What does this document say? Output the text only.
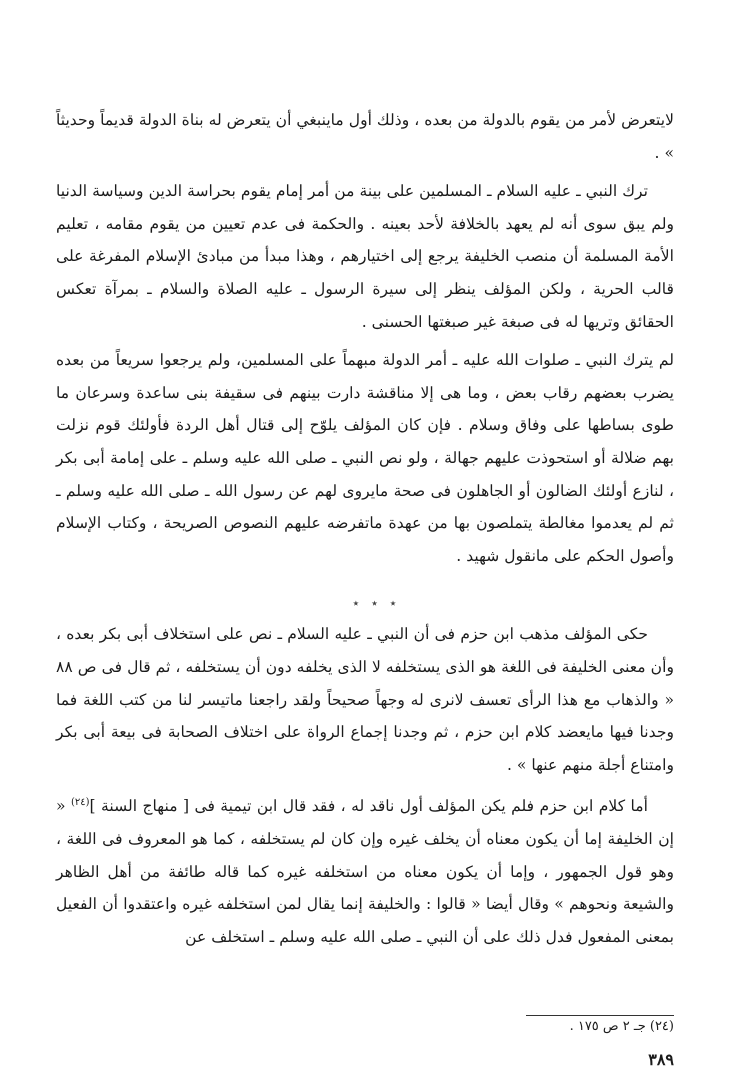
لايتعرض لأمر من يقوم بالدولة من بعده ، وذلك أول ماينبغي أن يتعرض له بناة الدولة قديماً وحديثاً » .

ترك النبي ـ عليه السلام ـ المسلمين على بينة من أمر إمام يقوم بحراسة الدين وسياسة الدنيا ولم يبق سوى أنه لم يعهد بالخلافة لأحد بعينه . والحكمة فى عدم تعيين من يقوم مقامه ، تعليم الأمة المسلمة أن منصب الخليفة يرجع إلى اختيارهم ، وهذا مبدأ من مبادئ الإسلام المفرغة على قالب الحرية ، ولكن المؤلف ينظر إلى سيرة الرسول ـ عليه الصلاة والسلام ـ بمرآة تعكس الحقائق وتريها له فى صبغة غير صبغتها الحسنى .

لم يترك النبي ـ صلوات الله عليه ـ أمر الدولة مبهماً على المسلمين، ولم يرجعوا سريعاً من بعده يضرب بعضهم رقاب بعض ، وما هى إلا مناقشة دارت بينهم فى سقيفة بنى ساعدة وسرعان ما طوى بساطها على وفاق وسلام . فإن كان المؤلف يلوّح إلى قتال أهل الردة فأولئك قوم نزلت بهم ضلالة أو استحوذت عليهم جهالة ، ولو نص النبي ـ صلى الله عليه وسلم ـ على إمامة أبى بكر ، لنازع أولئك الضالون أو الجاهلون فى صحة مايروى لهم عن رسول الله ـ صلى الله عليه وسلم ـ ثم لم يعدموا مغالطة يتملصون بها من عهدة ماتفرضه عليهم النصوص الصريحة ، وكتاب الإسلام وأصول الحكم على مانقول شهيد .

حكى المؤلف مذهب ابن حزم فى أن النبي ـ عليه السلام ـ نص على استخلاف أبى بكر بعده ، وأن معنى الخليفة فى اللغة هو الذى يستخلفه لا الذى يخلفه دون أن يستخلفه ، ثم قال فى ص ٨٨ « والذهاب مع هذا الرأى تعسف لانرى له وجهاً صحيحاً ولقد راجعنا ماتيسر لنا من كتب اللغة فما وجدنا فيها مايعضد كلام ابن حزم ، ثم وجدنا إجماع الرواة على اختلاف الصحابة فى بيعة أبى بكر وامتناع أجلة منهم عنها » .

أما كلام ابن حزم فلم يكن المؤلف أول ناقد له ، فقد قال ابن تيمية فى [ منهاج السنة ]$^{(٢٤)}$ « إن الخليفة إما أن يكون معناه أن يخلف غيره وإن كان لم يستخلفه ، كما هو المعروف فى اللغة ، وهو قول الجمهور ، وإما أن يكون معناه من استخلفه غيره كما قاله طائفة من أهل الظاهر والشيعة ونحوهم » وقال أيضا « قالوا : والخليفة إنما يقال لمن استخلفه غيره واعتقدوا أن الفعيل بمعنى المفعول فدل ذلك على أن النبي ـ صلى الله عليه وسلم ـ استخلف عن

٭ ٭ ٭
(٢٤) جـ ٢ ص ١٧٥ .
٣٨٩
